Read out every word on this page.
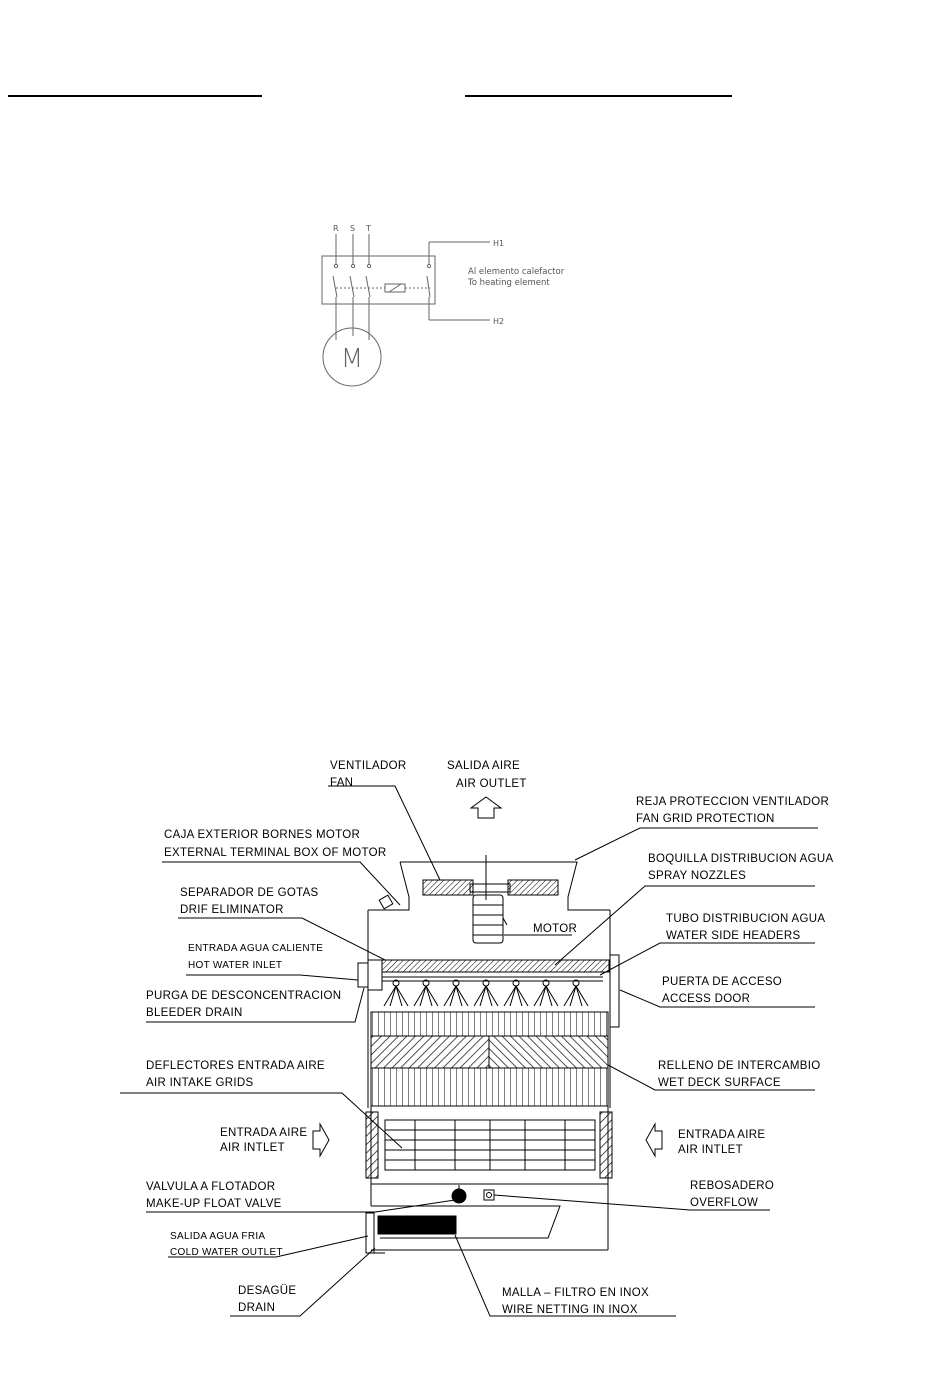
R S T
H1
H2
M
Al elemento calefactor
To heating element
VENTILADOR
FAN
SALIDA AIRE
AIR OUTLET
REJA PROTECCION VENTILADOR
FAN GRID PROTECTION
CAJA EXTERIOR BORNES MOTOR
EXTERNAL TERMINAL BOX OF MOTOR	BOQUILLA DISTRIBUCION AGUA
SPRAY NOZZLES
SEPARADOR DE GOTAS
DRIF ELIMINATOR
MOTOR
TUBO DISTRIBUCION AGUA
WATER SIDE HEADERS
ENTRADA AGUA CALIENTE
HOT WATER INLET
PUERTA DE ACCESO
ACCESS DOOR
PURGA DE DESCONCENTRACION
BLEEDER DRAIN
DEFLECTORES ENTRADA AIRE
AIR INTAKE GRIDS
RELLENO DE INTERCAMBIO
WET DECK SURFACE
ENTRADA AIRE
AIR INTLET
ENTRADA AIRE
AIR INTLET
VALVULA A FLOTADOR
MAKE-UP FLOAT VALVE
REBOSADERO
OVERFLOW
SALIDA AGUA FRIA
COLD WATER OUTLET
DESAGÜE
DRAIN
MALLA – FILTRO EN INOX
WIRE NETTING IN INOX
